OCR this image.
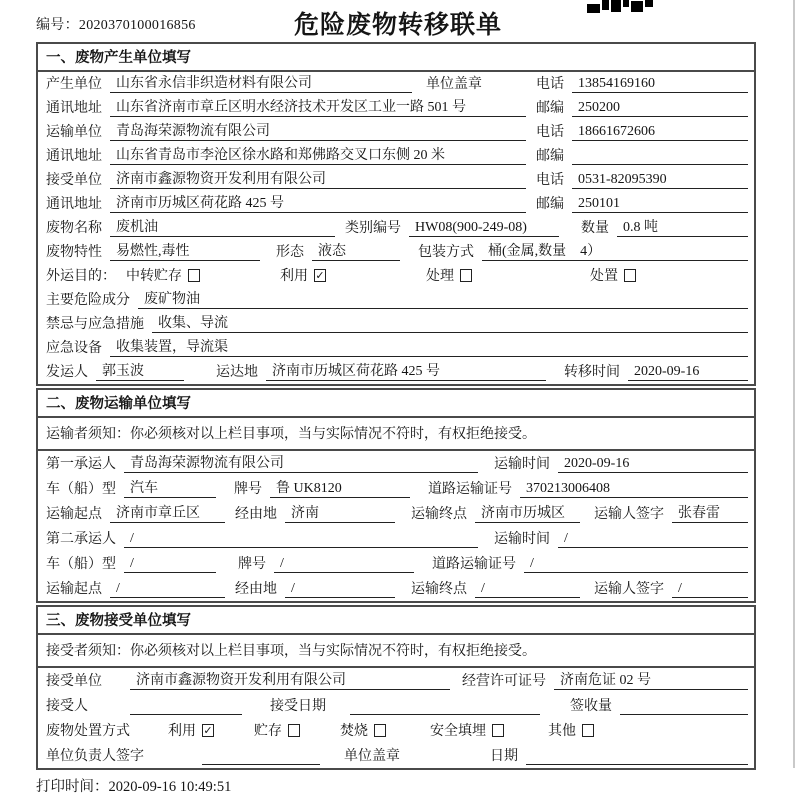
编号：2020370100016856	危险废物转移联单
一、废物产生单位填写
产生单位	山东省永信非织造材料有限公司	单位盖章	电话	13854169160
通讯地址	山东省济南市章丘区明水经济技术开发区工业一路 501 号	邮编	250200
运输单位	青岛海荣源物流有限公司	电话	18661672606
通讯地址	山东省青岛市李沧区徐水路和郑佛路交叉口东侧 20 米	邮编
接受单位	济南市鑫源物资开发利用有限公司	电话	0531-82095390
通讯地址	济南市历城区荷花路 425 号	邮编	250101
废物名称	废机油	类别编号	HW08(900-249-08)	数量	0.8 吨
废物特性	易燃性,毒性	形态	液态	包装方式	桶(金属,数量　4）
外运目的： 中转贮存	利用 ✓	处理	处置
主要危险成分	废矿物油
禁忌与应急措施	收集、导流
应急设备	收集装置，导流渠
发运人	郭玉波	运达地	济南市历城区荷花路 425 号	转移时间	2020-09-16
二、废物运输单位填写
运输者须知：你必须核对以上栏目事项，当与实际情况不符时，有权拒绝接受。
第一承运人	青岛海荣源物流有限公司	运输时间	2020-09-16
车（船）型	汽车	牌号	鲁 UK8120	道路运输证号	370213006408
运输起点	济南市章丘区	经由地	济南	运输终点	济南市历城区	运输人签字	张春雷
第二承运人	/	运输时间	/
车（船）型	/	牌号	/	道路运输证号	/
运输起点	/	经由地	/	运输终点	/	运输人签字	/
三、废物接受单位填写
接受者须知：你必须核对以上栏目事项，当与实际情况不符时，有权拒绝接受。
接受单位	济南市鑫源物资开发利用有限公司	经营许可证号	济南危证 02 号
接受人	接受日期	签收量
废物处置方式	利用 ✓	贮存	焚烧	安全填埋	其他
单位负责人签字	单位盖章	日期
打印时间：2020-09-16 10:49:51
